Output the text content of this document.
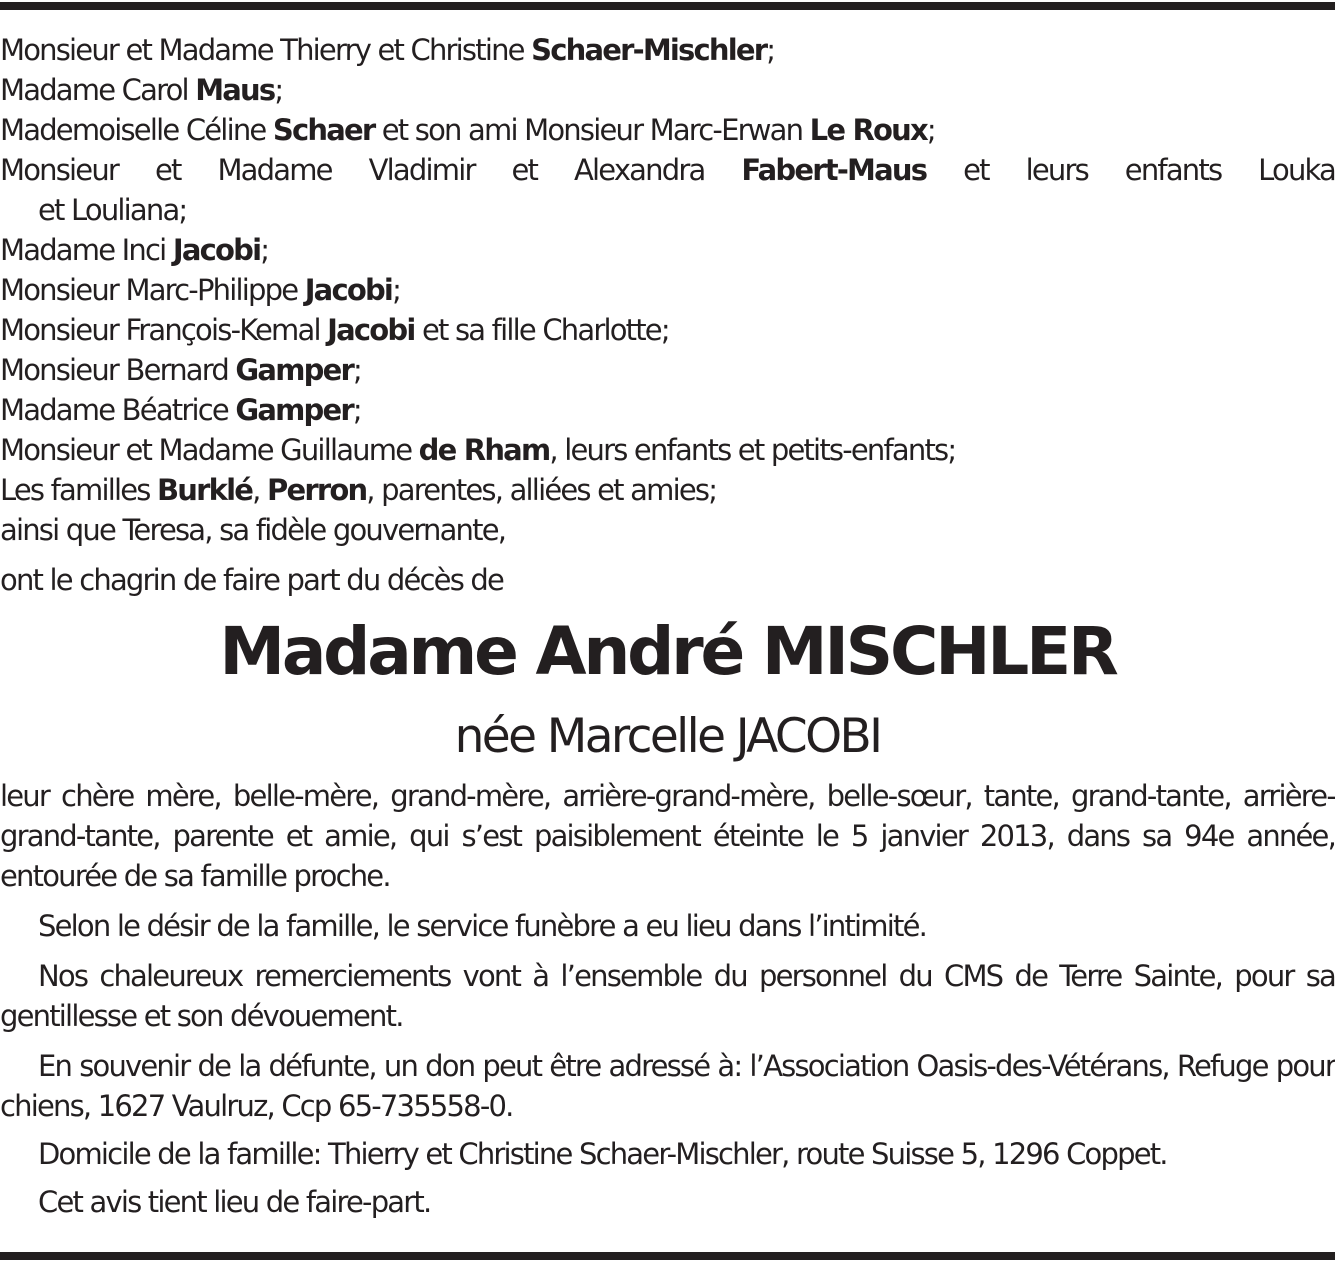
Monsieur et Madame Thierry et Christine Schaer-Mischler;

Madame Carol Maus;

Mademoiselle Céline Schaer et son ami Monsieur Marc-Erwan Le Roux;

Monsieur et Madame Vladimir et Alexandra Fabert-Maus et leurs enfants Louka

et Louliana;

Madame Inci Jacobi;

Monsieur Marc-Philippe Jacobi;

Monsieur François-Kemal Jacobi et sa fille Charlotte;

Monsieur Bernard Gamper;

Madame Béatrice Gamper;

Monsieur et Madame Guillaume de Rham, leurs enfants et petits-enfants;

Les familles Burklé, Perron, parentes, alliées et amies;

ainsi que Teresa, sa fidèle gouvernante,

ont le chagrin de faire part du décès de

Madame André MISCHLER
née Marcelle JACOBI

leur chère mère, belle-mère, grand-mère, arrière-grand-mère, belle-sœur, tante, grand-tante, arrière-grand-tante, parente et amie, qui s’est paisiblement éteinte le 5 janvier 2013, dans sa 94e année, entourée de sa famille proche.

Selon le désir de la famille, le service funèbre a eu lieu dans l’intimité.

Nos chaleureux remerciements vont à l’ensemble du personnel du CMS de Terre Sainte, pour sa gentillesse et son dévouement.

En souvenir de la défunte, un don peut être adressé à: l’Association Oasis-des-Vétérans, Refuge pour chiens, 1627 Vaulruz, Ccp 65-735558-0.

Domicile de la famille: Thierry et Christine Schaer-Mischler, route Suisse 5, 1296 Coppet.

Cet avis tient lieu de faire-part.
